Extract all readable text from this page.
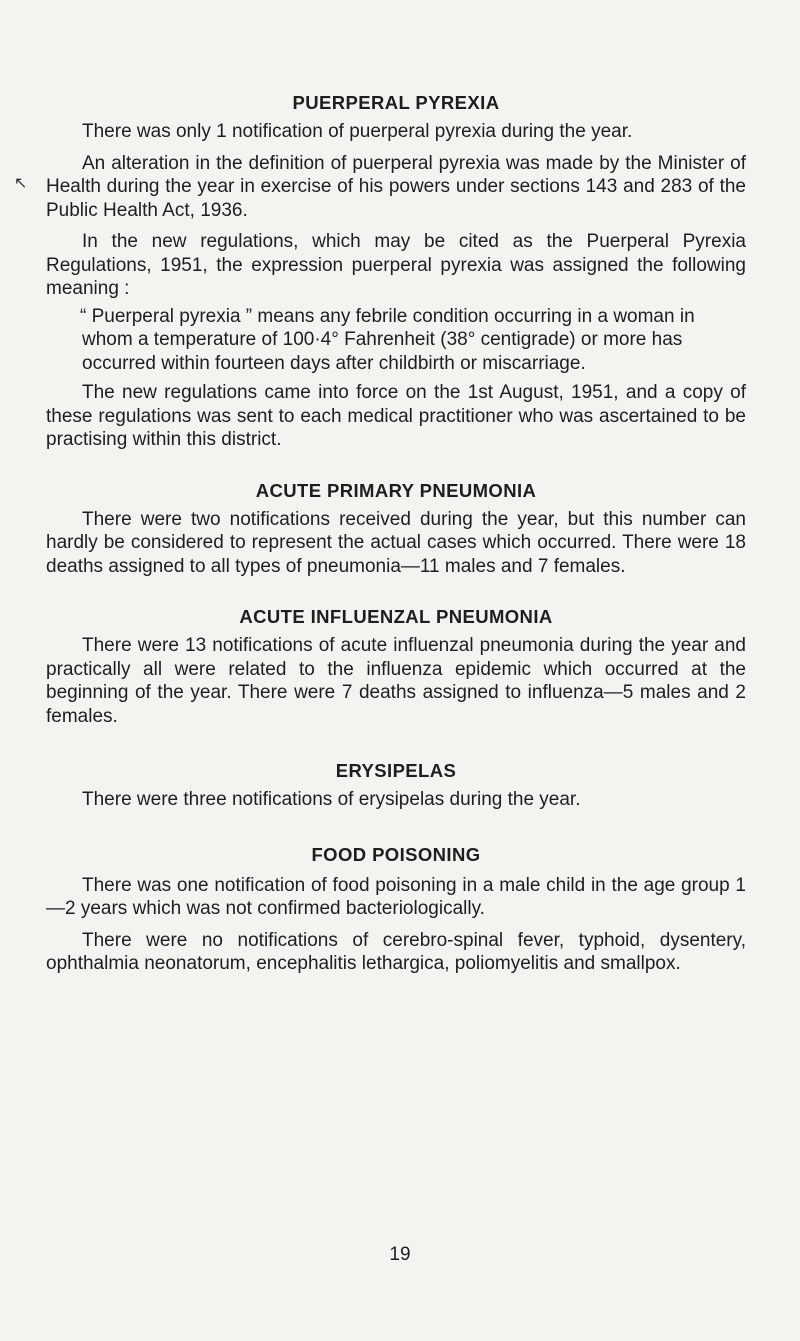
↖
PUERPERAL PYREXIA

There was only 1 notification of puerperal pyrexia during the year.

An alteration in the definition of puerperal pyrexia was made by the Minister of Health during the year in exercise of his powers under sections 143 and 283 of the Public Health Act, 1936.

In the new regulations, which may be cited as the Puerperal Pyrexia Regulations, 1951, the expression puerperal pyrexia was assigned the following meaning :

“ Puerperal pyrexia ” means any febrile condition occurring in a woman in whom a temperature of 100·4° Fahrenheit (38° centigrade) or more has occurred within fourteen days after childbirth or miscarriage.

The new regulations came into force on the 1st August, 1951, and a copy of these regulations was sent to each medical practitioner who was ascertained to be practising within this district.

ACUTE PRIMARY PNEUMONIA

There were two notifications received during the year, but this number can hardly be considered to represent the actual cases which occurred. There were 18 deaths assigned to all types of pneumonia—11 males and 7 females.

ACUTE INFLUENZAL PNEUMONIA

There were 13 notifications of acute influenzal pneumonia during the year and practically all were related to the influenza epidemic which occurred at the beginning of the year. There were 7 deaths assigned to influenza—5 males and 2 females.

ERYSIPELAS

There were three notifications of erysipelas during the year.

FOOD POISONING

There was one notification of food poisoning in a male child in the age group 1—2 years which was not confirmed bacteriologically.

There were no notifications of cerebro-spinal fever, typhoid, dysentery, ophthalmia neonatorum, encephalitis lethargica, poliomyelitis and smallpox.

19
